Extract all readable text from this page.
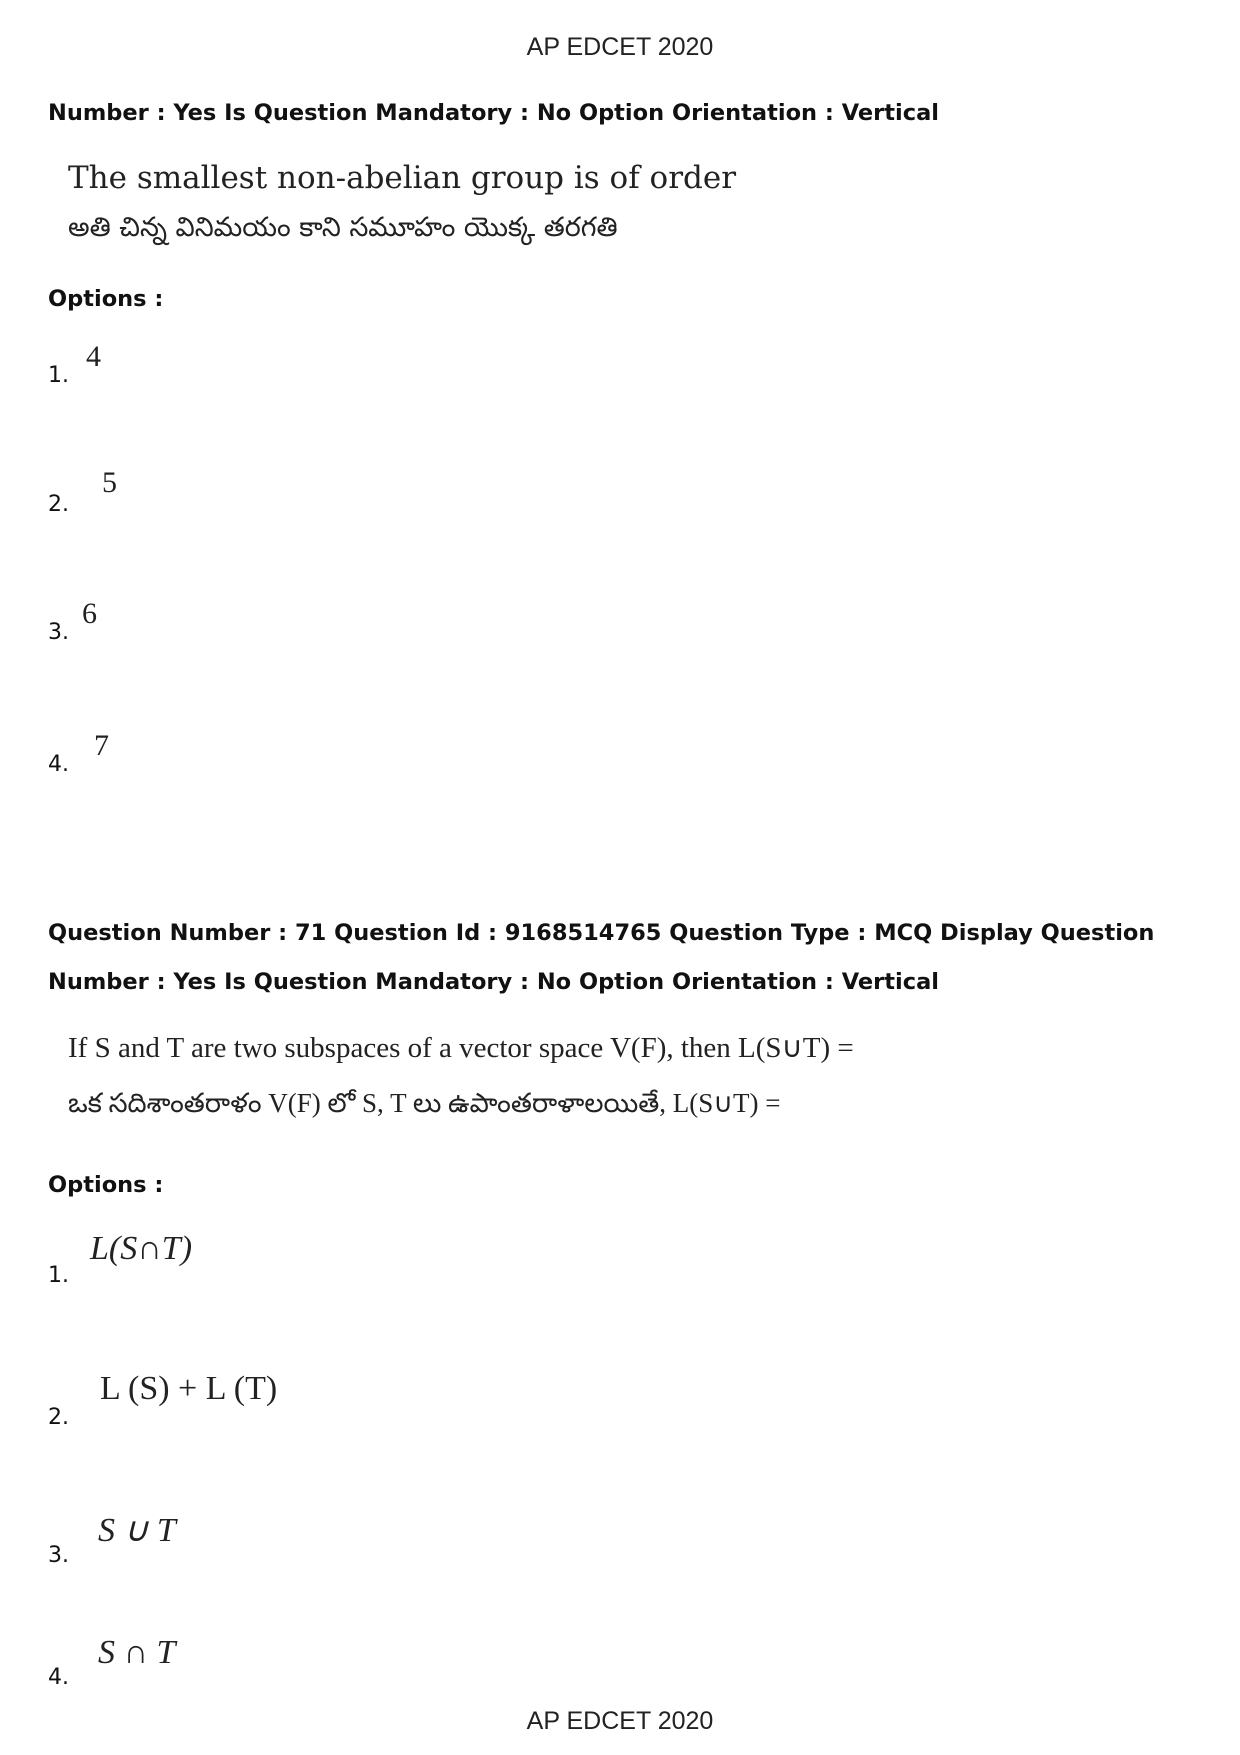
AP EDCET 2020
Number : Yes Is Question Mandatory : No Option Orientation : Vertical
The smallest non-abelian group is of order
అతి చిన్న వినిమయం కాని సమూహం యొక్క తరగతి
Options :
1.
4
2.
5
3.
6
4.
7
Question Number : 71 Question Id : 9168514765 Question Type : MCQ Display Question
Number : Yes Is Question Mandatory : No Option Orientation : Vertical
If S and T are two subspaces of a vector space V(F), then L(S∪T) =
ఒక సదిశాంతరాళం V(F) లో S, T లు ఉపాంతరాళాలయితే, L(S∪T) =
Options :
1.
L(S∩T)
2.
L (S) + L (T)
3.
S ∪ T
4.
S ∩ T
AP EDCET 2020
